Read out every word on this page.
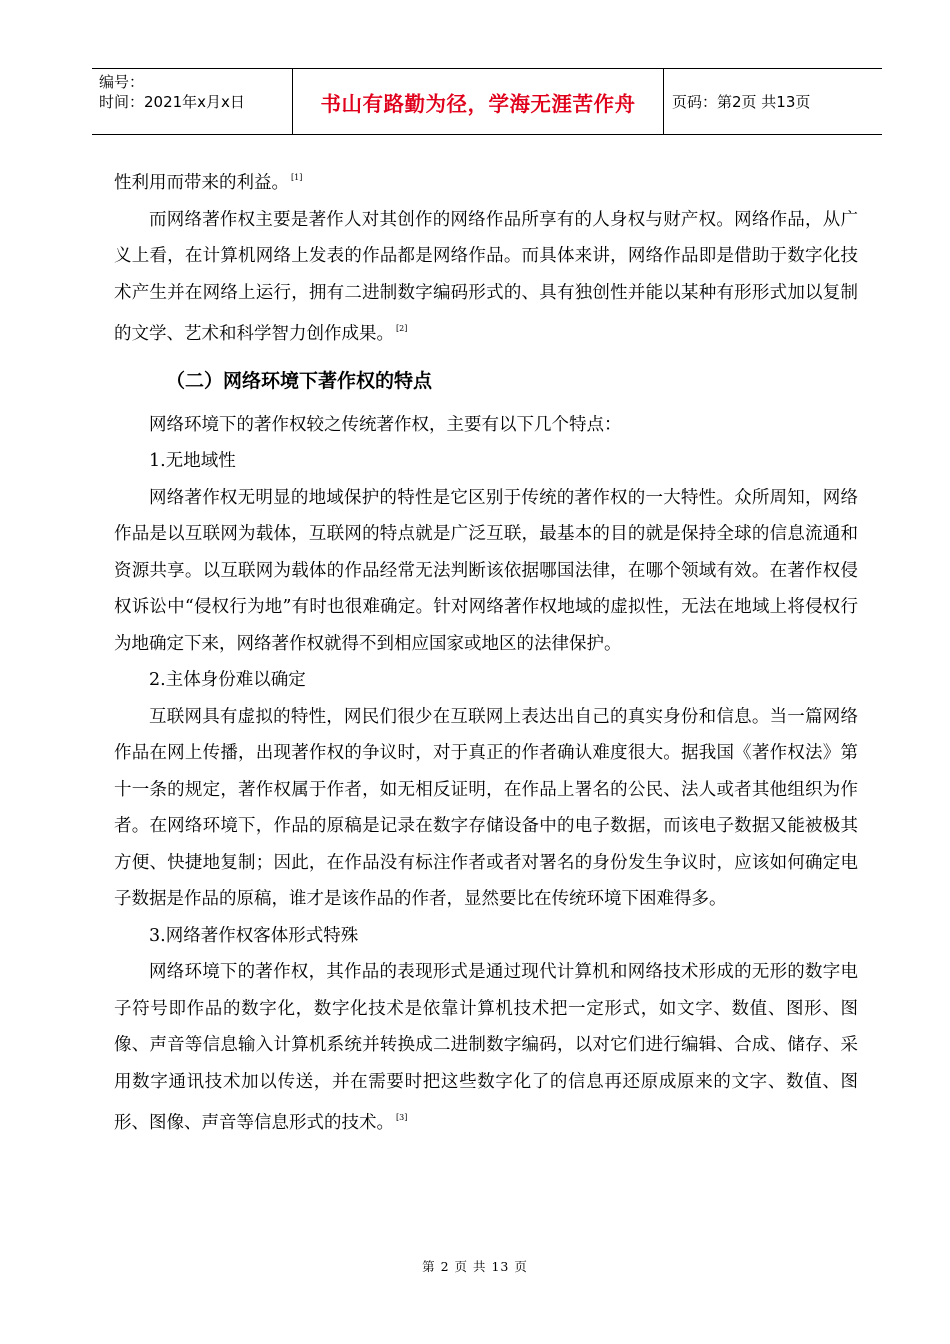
编号：
时间：2021年x月x日	书山有路勤为径，学海无涯苦作舟	页码：第2页 共13页

性利用而带来的利益。 [1]

而网络著作权主要是著作人对其创作的网络作品所享有的人身权与财产权。网络作品，从广义上看，在计算机网络上发表的作品都是网络作品。而具体来讲，网络作品即是借助于数字化技术产生并在网络上运行，拥有二进制数字编码形式的、具有独创性并能以某种有形形式加以复制的文学、艺术和科学智力创作成果。 [2]

（二）网络环境下著作权的特点

网络环境下的著作权较之传统著作权，主要有以下几个特点：

1.无地域性

网络著作权无明显的地域保护的特性是它区别于传统的著作权的一大特性。众所周知，网络作品是以互联网为载体，互联网的特点就是广泛互联，最基本的目的就是保持全球的信息流通和资源共享。以互联网为载体的作品经常无法判断该依据哪国法律，在哪个领域有效。在著作权侵权诉讼中“侵权行为地”有时也很难确定。针对网络著作权地域的虚拟性，无法在地域上将侵权行为地确定下来，网络著作权就得不到相应国家或地区的法律保护。

2.主体身份难以确定

互联网具有虚拟的特性，网民们很少在互联网上表达出自己的真实身份和信息。当一篇网络作品在网上传播，出现著作权的争议时，对于真正的作者确认难度很大。据我国《著作权法》第十一条的规定，著作权属于作者，如无相反证明，在作品上署名的公民、法人或者其他组织为作者。在网络环境下，作品的原稿是记录在数字存储设备中的电子数据，而该电子数据又能被极其方便、快捷地复制；因此，在作品没有标注作者或者对署名的身份发生争议时，应该如何确定电子数据是作品的原稿，谁才是该作品的作者，显然要比在传统环境下困难得多。

3.网络著作权客体形式特殊

网络环境下的著作权，其作品的表现形式是通过现代计算机和网络技术形成的无形的数字电子符号即作品的数字化，数字化技术是依靠计算机技术把一定形式，如文字、数值、图形、图像、声音等信息输入计算机系统并转换成二进制数字编码，以对它们进行编辑、合成、储存、采用数字通讯技术加以传送，并在需要时把这些数字化了的信息再还原成原来的文字、数值、图形、图像、声音等信息形式的技术。 [3]

第 2 页 共 13 页
